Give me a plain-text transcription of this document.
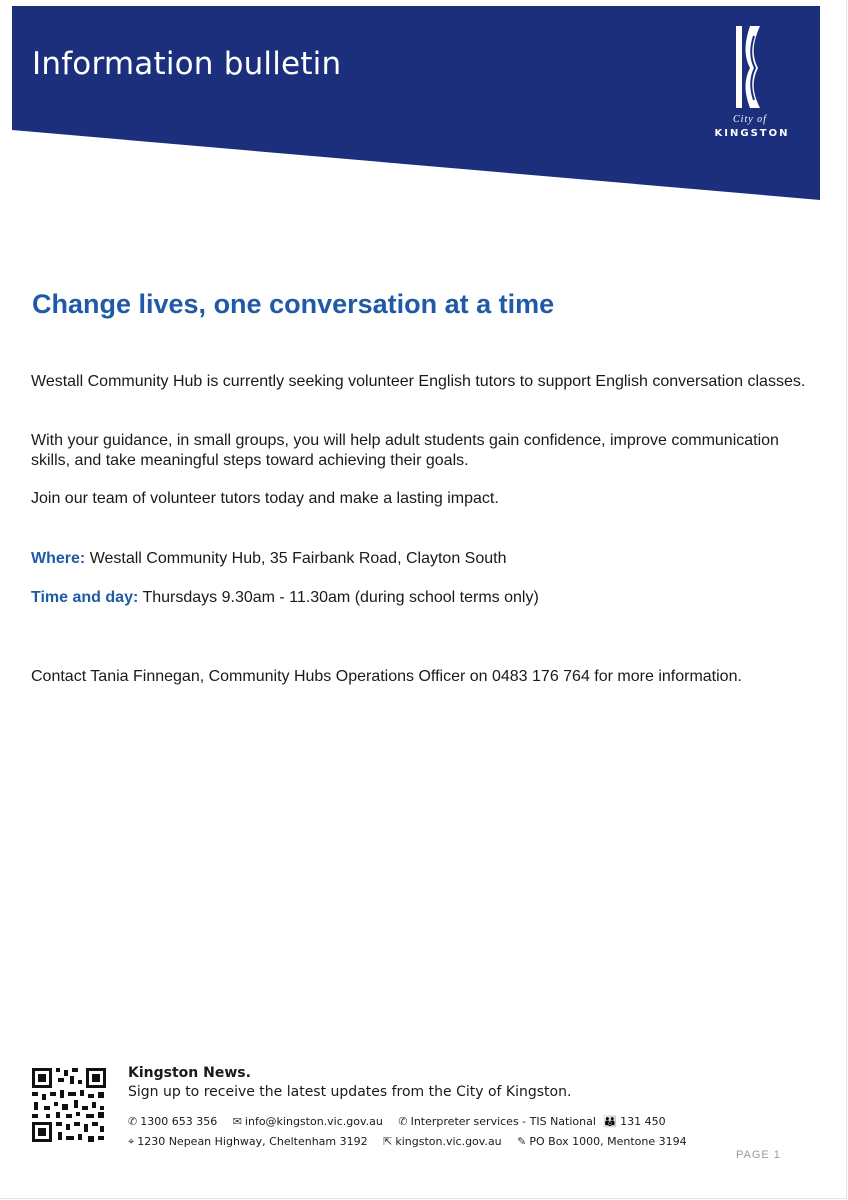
Information bulletin
City of
KINGSTON
Change lives, one conversation at a time

Westall Community Hub is currently seeking volunteer English tutors to support English conversation classes.

With your guidance, in small groups, you will help adult students gain confidence, improve communication skills, and take meaningful steps toward achieving their goals.

Join our team of volunteer tutors today and make a lasting impact.

Where: Westall Community Hub, 35 Fairbank Road, Clayton South

Time and day: Thursdays 9.30am - 11.30am (during school terms only)

Contact Tania Finnegan, Community Hubs Operations Officer on 0483 176 764 for more information.

Kingston News.

Sign up to receive the latest updates from the City of Kingston.

✆ 1300 653 356 ✉ info@kingston.vic.gov.au ✆ Interpreter services - TIS National 👪 131 450
⌖ 1230 Nepean Highway, Cheltenham 3192 ⇱ kingston.vic.gov.au ✎ PO Box 1000, Mentone 3194
PAGE 1
